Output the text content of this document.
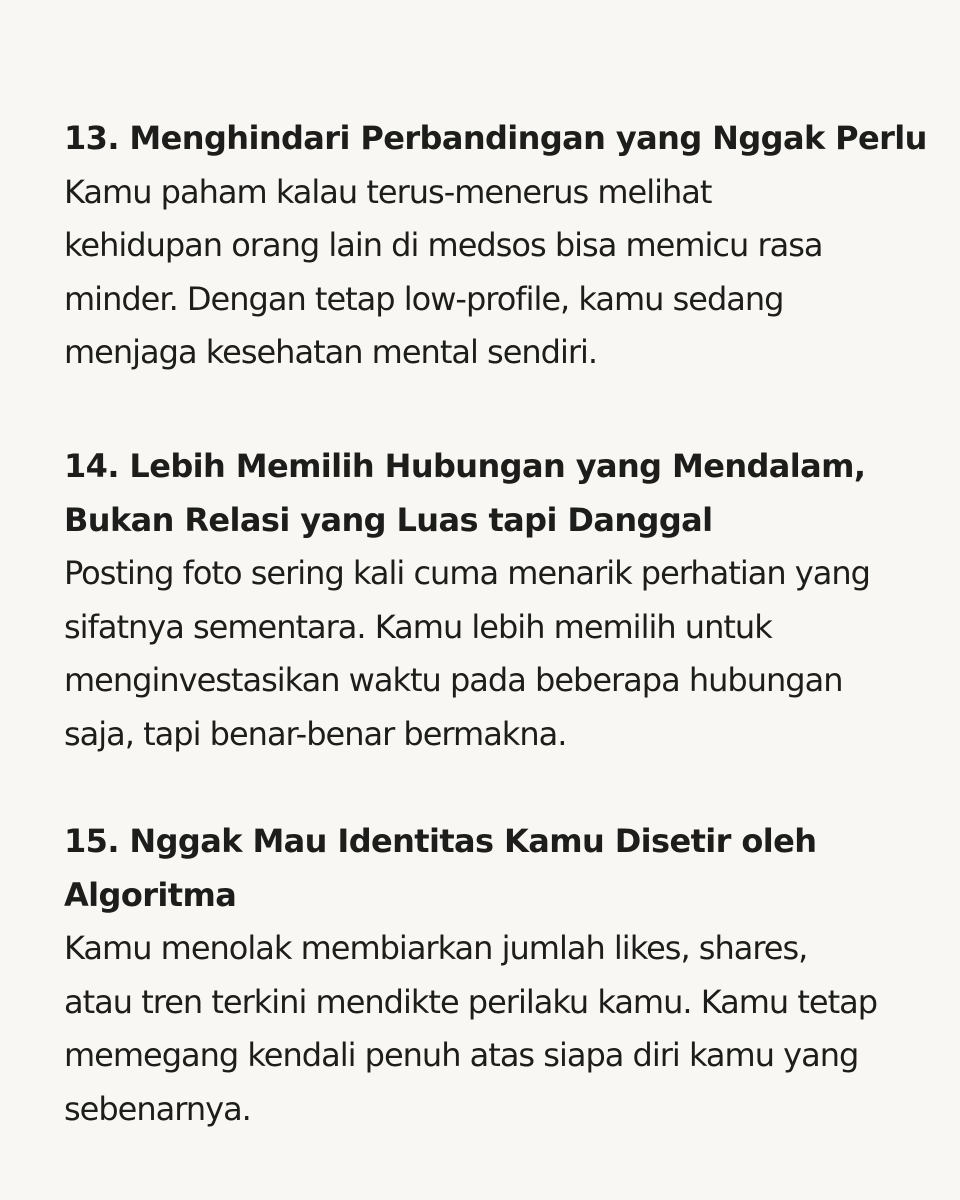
13. Menghindari Perbandingan yang Nggak Perlu
Kamu paham kalau terus-menerus melihat
kehidupan orang lain di medsos bisa memicu rasa
minder. Dengan tetap low-profile, kamu sedang
menjaga kesehatan mental sendiri.
14. Lebih Memilih Hubungan yang Mendalam,
Bukan Relasi yang Luas tapi Danggal
Posting foto sering kali cuma menarik perhatian yang
sifatnya sementara. Kamu lebih memilih untuk
menginvestasikan waktu pada beberapa hubungan
saja, tapi benar-benar bermakna.
15. Nggak Mau Identitas Kamu Disetir oleh
Algoritma
Kamu menolak membiarkan jumlah likes, shares,
atau tren terkini mendikte perilaku kamu. Kamu tetap
memegang kendali penuh atas siapa diri kamu yang
sebenarnya.
